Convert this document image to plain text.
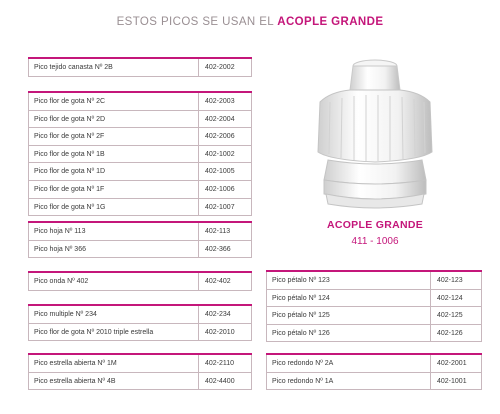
ESTOS PICOS SE USAN EL ACOPLE GRANDE
Pico tejido canasta Nº 2B	402-2002
Pico flor de gota Nº 2C	402-2003
Pico flor de gota Nº 2D	402-2004
Pico flor de gota Nº 2F	402-2006
Pico flor de gota Nº 1B	402-1002
Pico flor de gota Nº 1D	402-1005
Pico flor de gota Nº 1F	402-1006
Pico flor de gota Nº 1G	402-1007
Pico hoja Nº 113	402-113
Pico hoja Nº 366	402-366
Pico onda Nº 402	402-402
Pico multiple Nº 234	402-234
Pico flor de gota Nº 2010 triple estrella	402-2010
Pico estrella abierta Nº 1M	402-2110
Pico estrella abierta Nº 4B	402-4400
Pico pétalo Nº 123	402-123
Pico pétalo Nº 124	402-124
Pico pétalo Nº 125	402-125
Pico pétalo Nº 126	402-126
Pico redondo Nº 2A	402-2001
Pico redondo Nº 1A	402-1001
ACOPLE GRANDE
411 - 1006
